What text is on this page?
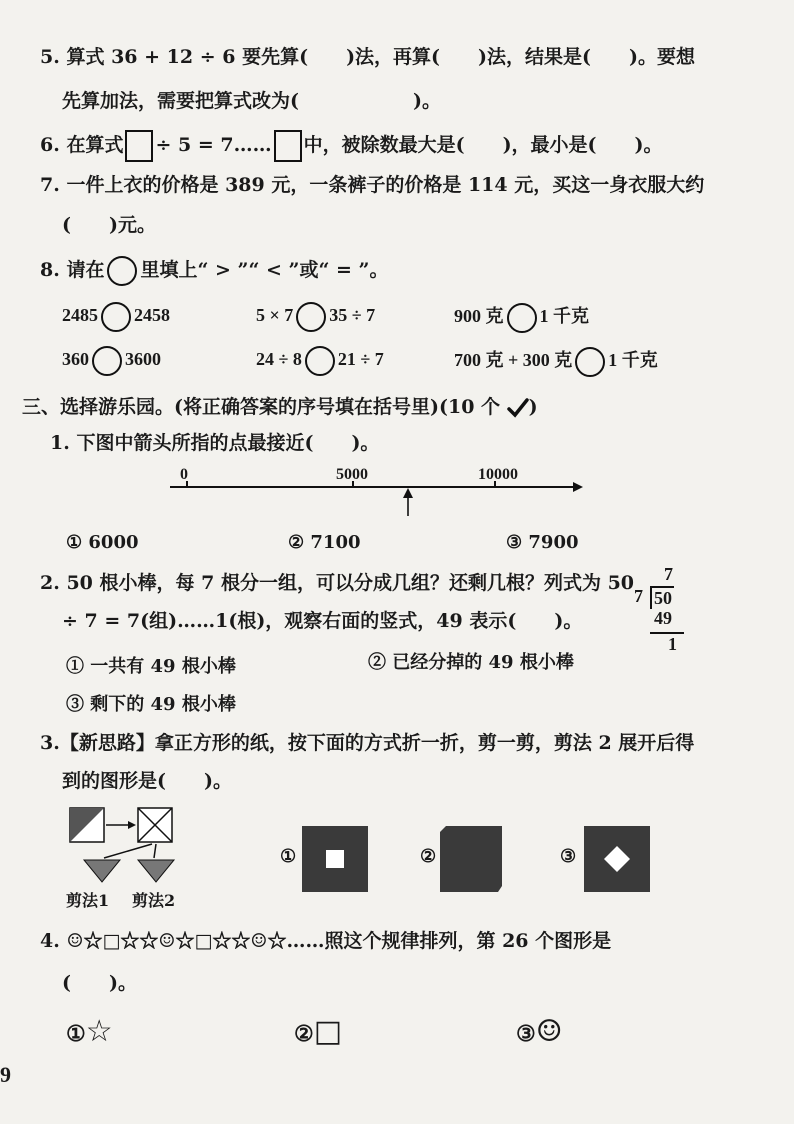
5. 算式 36 + 12 ÷ 6 要先算(　　)法，再算(　　)法，结果是(　　)。要想
先算加法，需要把算式改为(　　　　　　)。
6. 在算式 ÷ 5 = 7…… 中，被除数最大是(　　)，最小是(　　)。
7. 一件上衣的价格是 389 元，一条裤子的价格是 114 元，买这一身衣服大约
(　　)元。
8. 请在 里填上“ > ”“ < ”或“ = ”。
2485 2458	5 × 7 35 ÷ 7	900 克 1 千克
360 3600	24 ÷ 8 21 ÷ 7	700 克 + 300 克 1 千克
三、选择游乐园。(将正确答案的序号填在括号里)(10 个 )
1. 下图中箭头所指的点最接近(　　)。
0	5000	10000
① 6000	② 7100	③ 7900
2. 50 根小棒，每 7 根分一组，可以分成几组？还剩几根？列式为 50
÷ 7 = 7(组)……1(根)，观察右面的竖式，49 表示(　　)。
7
7 50
49
1
① 一共有 49 根小棒	② 已经分掉的 49 根小棒
③ 剩下的 49 根小棒
3.【新思路】拿正方形的纸，按下面的方式折一折，剪一剪，剪法 2 展开后得
到的图形是(　　)。
剪法1 剪法2
①	②	③
4. ☺☆□☆☆☺☆□☆☆☺☆……照这个规律排列，第 26 个图形是
(　　)。
①☆	②□	③☺
9
